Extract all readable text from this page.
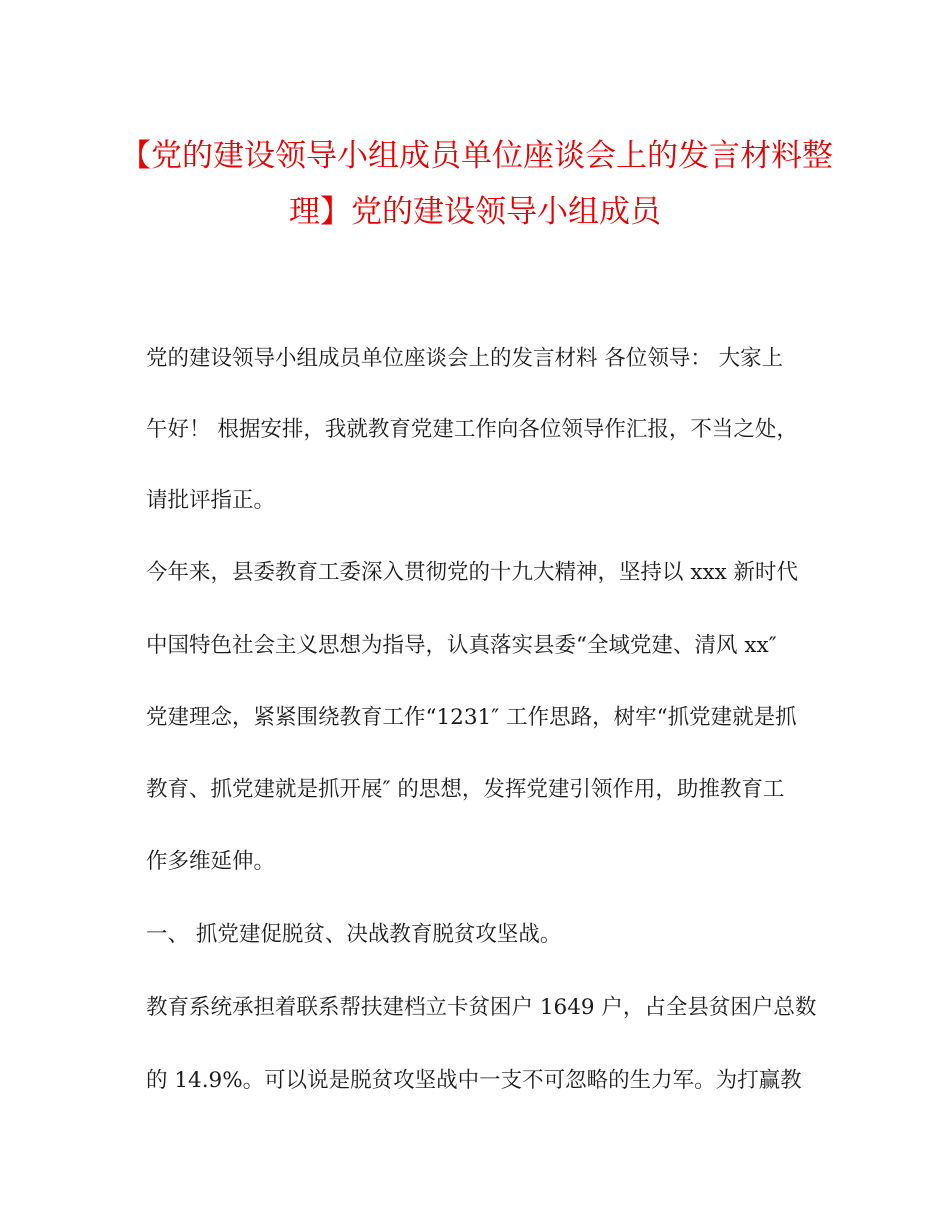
【党的建设领导小组成员单位座谈会上的发言材料整
理】党的建设领导小组成员
党的建设领导小组成员单位座谈会上的发言材料 各位领导： 大家上
午好！ 根据安排，我就教育党建工作向各位领导作汇报，不当之处，
请批评指正。
今年来，县委教育工委深入贯彻党的十九大精神，坚持以 xxx 新时代
中国特色社会主义思想为指导，认真落实县委“全域党建、清风 xx″
党建理念，紧紧围绕教育工作“1231″ 工作思路，树牢“抓党建就是抓
教育、抓党建就是抓开展″ 的思想，发挥党建引领作用，助推教育工
作多维延伸。
一、 抓党建促脱贫、决战教育脱贫攻坚战。
教育系统承担着联系帮扶建档立卡贫困户 1649 户，占全县贫困户总数
的 14.9%。可以说是脱贫攻坚战中一支不可忽略的生力军。为打赢教
